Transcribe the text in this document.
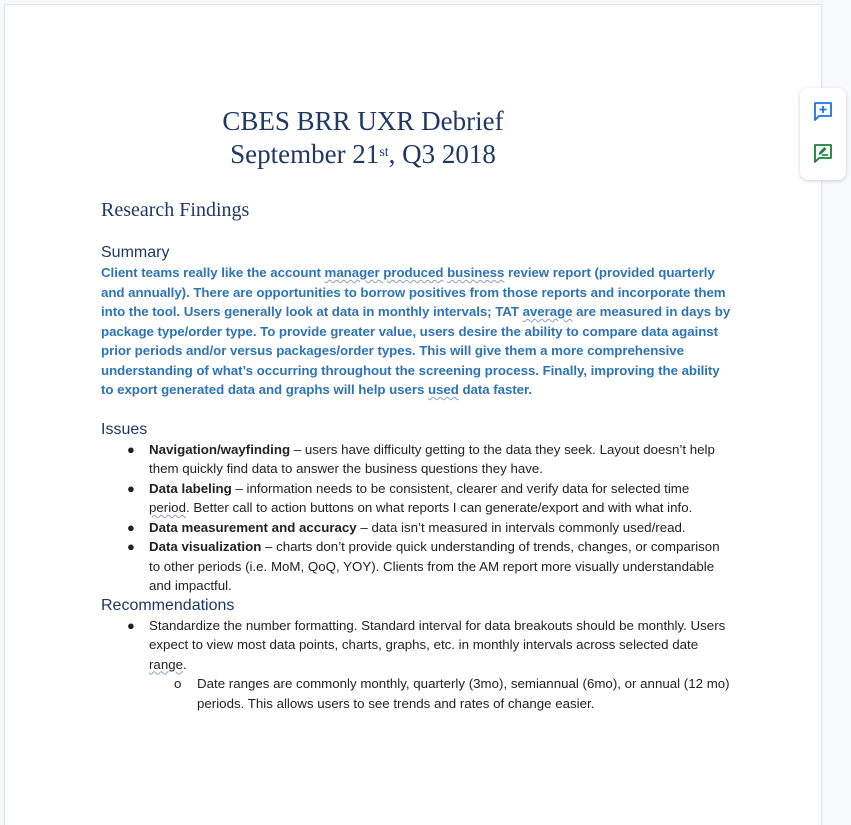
CBES BRR UXR Debrief
September 21st, Q3 2018
Research Findings
Summary

Client teams really like the account manager produced business review report (provided quarterly and annually). There are opportunities to borrow positives from those reports and incorporate them into the tool. Users generally look at data in monthly intervals; TAT average are measured in days by package type/order type. To provide greater value, users desire the ability to compare data against prior periods and/or versus packages/order types. This will give them a more comprehensive understanding of what’s occurring throughout the screening process. Finally, improving the ability to export generated data and graphs will help users used data faster.

Issues
● Navigation/wayfinding – users have difficulty getting to the data they seek. Layout doesn’t help them quickly find data to answer the business questions they have.
● Data labeling – information needs to be consistent, clearer and verify data for selected time period. Better call to action buttons on what reports I can generate/export and with what info.
● Data measurement and accuracy – data isn’t measured in intervals commonly used/read.
● Data visualization – charts don’t provide quick understanding of trends, changes, or comparison to other periods (i.e. MoM, QoQ, YOY). Clients from the AM report more visually understandable and impactful.
Recommendations
● Standardize the number formatting. Standard interval for data breakouts should be monthly. Users expect to view most data points, charts, graphs, etc. in monthly intervals across selected date range.
o Date ranges are commonly monthly, quarterly (3mo), semiannual (6mo), or annual (12 mo) periods. This allows users to see trends and rates of change easier.
